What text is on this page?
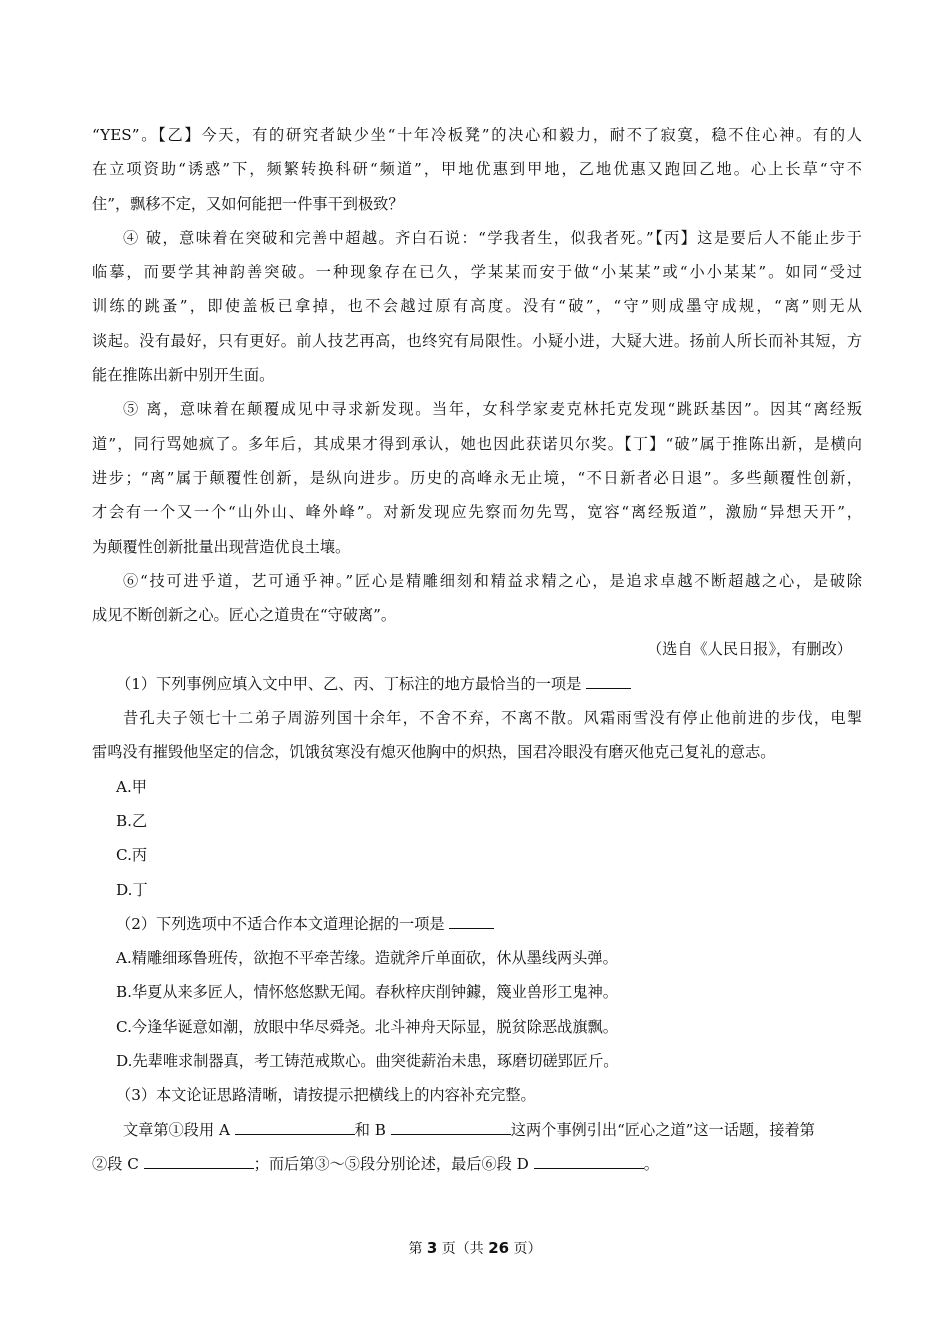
“YES”。【乙】今天，有的研究者缺少坐“十年冷板凳”的决心和毅力，耐不了寂寞，稳不住心神。有的人
在立项资助“诱惑”下，频繁转换科研“频道”，甲地优惠到甲地，乙地优惠又跑回乙地。心上长草“守不
住”，飘移不定，又如何能把一件事干到极致？
④ 破，意味着在突破和完善中超越。齐白石说：“学我者生，似我者死。”【丙】这是要后人不能止步于
临摹，而要学其神韵善突破。一种现象存在已久，学某某而安于做“小某某”或“小小某某”。如同“受过
训练的跳蚤”，即使盖板已拿掉，也不会越过原有高度。没有“破”，“守”则成墨守成规，“离”则无从
谈起。没有最好，只有更好。前人技艺再高，也终究有局限性。小疑小进，大疑大进。扬前人所长而补其短，方
能在推陈出新中别开生面。
⑤ 离，意味着在颠覆成见中寻求新发现。当年，女科学家麦克林托克发现“跳跃基因”。因其“离经叛
道”，同行骂她疯了。多年后，其成果才得到承认，她也因此获诺贝尔奖。【丁】“破”属于推陈出新，是横向
进步；“离”属于颠覆性创新，是纵向进步。历史的高峰永无止境，“不日新者必日退”。多些颠覆性创新，
才会有一个又一个“山外山、峰外峰”。对新发现应先察而勿先骂，宽容“离经叛道”，激励“异想天开”，
为颠覆性创新批量出现营造优良土壤。
⑥“技可进乎道，艺可通乎神。”匠心是精雕细刻和精益求精之心，是追求卓越不断超越之心，是破除
成见不断创新之心。匠心之道贵在“守破离”。
（选自《人民日报》，有删改）
（1）下列事例应填入文中甲、乙、丙、丁标注的地方最恰当的一项是
昔孔夫子领七十二弟子周游列国十余年，不舍不弃，不离不散。风霜雨雪没有停止他前进的步伐，电掣
雷鸣没有摧毁他坚定的信念，饥饿贫寒没有熄灭他胸中的炽热，国君冷眼没有磨灭他克己复礼的意志。
A.甲
B.乙
C.丙
D.丁
（2）下列选项中不适合作本文道理论据的一项是
A.精雕细琢鲁班传，欲抱不平牵苦缘。造就斧斤单面砍，休从墨线两头弹。
B.华夏从来多匠人，情怀悠悠默无闻。春秋梓庆削钟鐻，篾业兽形工鬼神。
C.今逢华诞意如潮，放眼中华尽舜尧。北斗神舟天际显，脱贫除恶战旗飘。
D.先辈唯求制器真，考工铸范戒欺心。曲突徙薪治未患，琢磨切磋郢匠斤。
（3）本文论证思路清晰，请按提示把横线上的内容补充完整。
文章第①段用 A	和 B	这两个事例引出“匠心之道”这一话题，接着第
②段 C	；而后第③～⑤段分别论述，最后⑥段 D	。
第 3 页（共 26 页）
